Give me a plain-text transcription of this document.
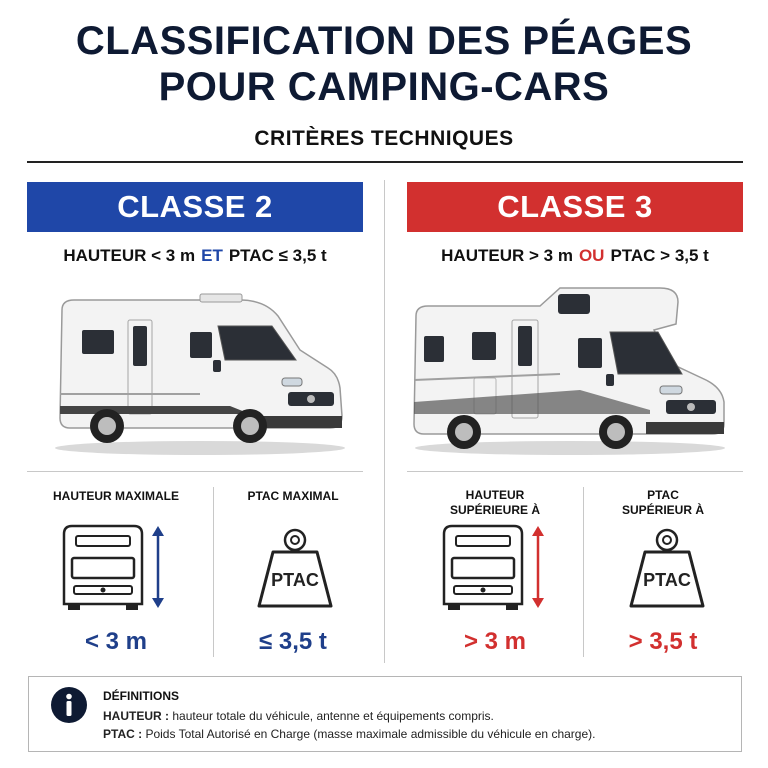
CLASSIFICATION DES PÉAGES
POUR CAMPING-CARS
CRITÈRES TECHNIQUES
CLASSE 2	CLASSE 3
HAUTEUR < 3 m ET PTAC ≤ 3,5 t	HAUTEUR > 3 m OU PTAC > 3,5 t
HAUTEUR MAXIMALE	PTAC MAXIMAL
PTAC
< 3 m	≤ 3,5 t
HAUTEUR
SUPÉRIEURE À
PTAC
SUPÉRIEUR À
PTAC
> 3 m	> 3,5 t
DÉFINITIONS
HAUTEUR : hauteur totale du véhicule, antenne et équipements compris.
PTAC : Poids Total Autorisé en Charge (masse maximale admissible du véhicule en charge).
